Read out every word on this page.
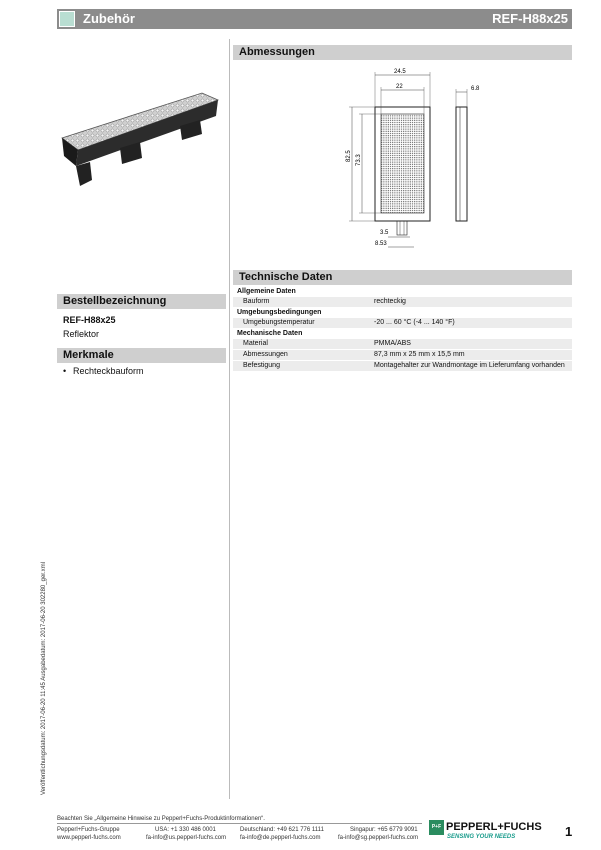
Zubehör	REF-H88x25
Abmessungen
Technische Daten
Bestellbezeichnung
Merkmale
REF-H88x25
Reflektor
• Rechteckbauform
24.5
22
82.5 73.3
3.5
8.53
6.8
Allgemeine Daten
Bauform	rechteckig
Umgebungsbedingungen
Umgebungstemperatur	-20 ... 60 °C (-4 ... 140 °F)
Mechanische Daten
Material	PMMA/ABS
Abmessungen	87,3 mm x 25 mm x 15,5 mm
Befestigung	Montagehalter zur Wandmontage im Lieferumfang vorhanden
Veröffentlichungsdatum: 2017-06-20 11:45 Ausgabedatum: 2017-06-20 302280_ger.xml
Beachten Sie „Allgemeine Hinweise zu Pepperl+Fuchs-Produktinformationen“.
Pepperl+Fuchs-Gruppe
www.pepperl-fuchs.com
USA: +1 330 486 0001
fa-info@us.pepperl-fuchs.com
Deutschland: +49 621 776 1111
fa-info@de.pepperl-fuchs.com
Singapur: +65 6779 9091
fa-info@sg.pepperl-fuchs.com
P+F PEPPERL+FUCHS
SENSING YOUR NEEDS	1
